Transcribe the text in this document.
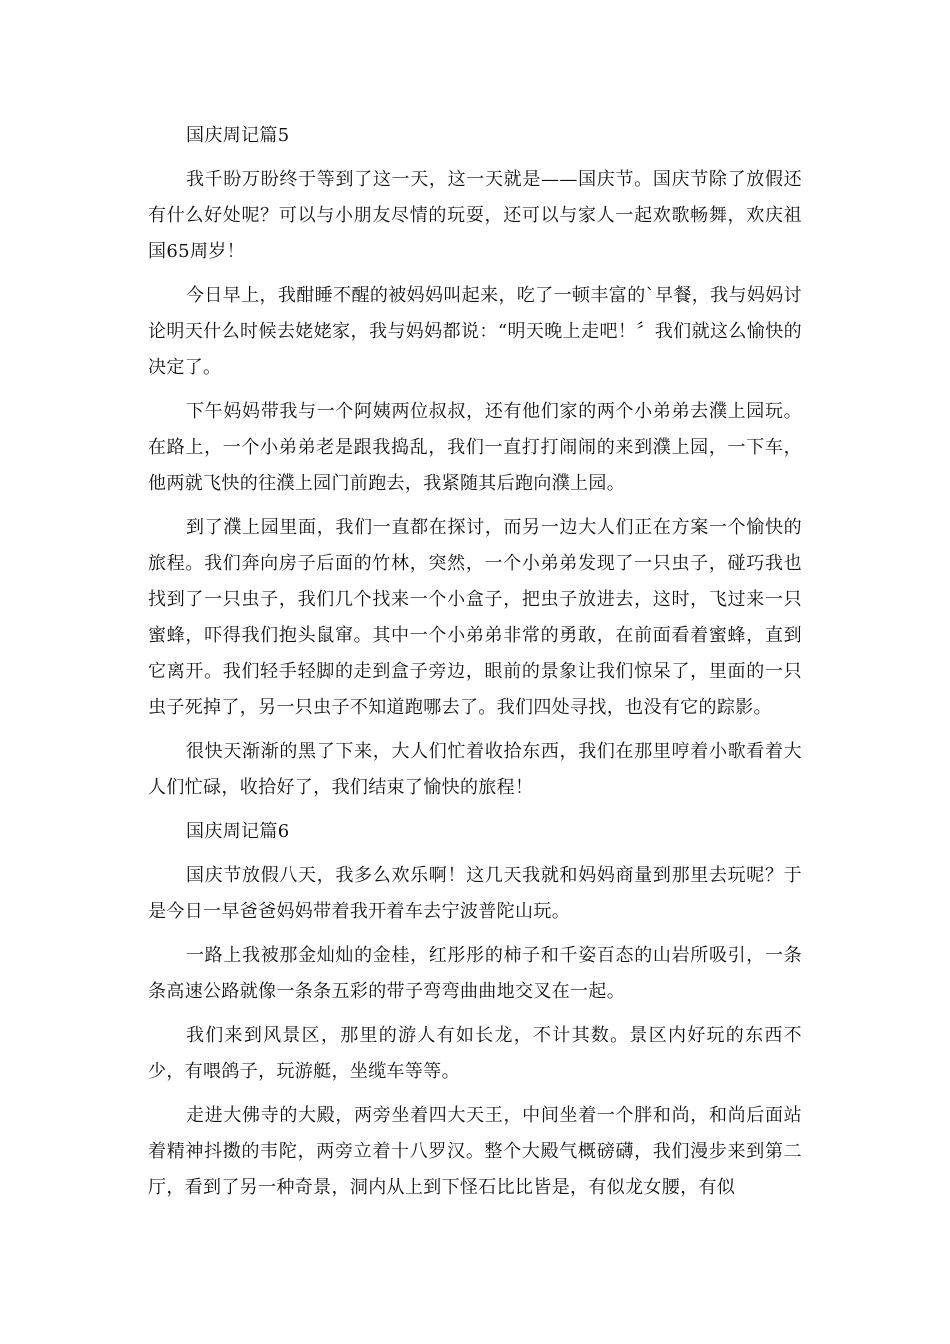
国庆周记篇5

我千盼万盼终于等到了这一天，这一天就是——国庆节。国庆节除了放假还有什么好处呢？可以与小朋友尽情的玩耍，还可以与家人一起欢歌畅舞，欢庆祖国65周岁！

今日早上，我酣睡不醒的被妈妈叫起来，吃了一顿丰富的`早餐，我与妈妈讨论明天什么时候去姥姥家，我与妈妈都说：“明天晚上走吧！〞我们就这么愉快的决定了。

下午妈妈带我与一个阿姨两位叔叔，还有他们家的两个小弟弟去濮上园玩。在路上，一个小弟弟老是跟我捣乱，我们一直打打闹闹的来到濮上园，一下车，他两就飞快的往濮上园门前跑去，我紧随其后跑向濮上园。

到了濮上园里面，我们一直都在探讨，而另一边大人们正在方案一个愉快的旅程。我们奔向房子后面的竹林，突然，一个小弟弟发现了一只虫子，碰巧我也找到了一只虫子，我们几个找来一个小盒子，把虫子放进去，这时，飞过来一只蜜蜂，吓得我们抱头鼠窜。其中一个小弟弟非常的勇敢，在前面看着蜜蜂，直到它离开。我们轻手轻脚的走到盒子旁边，眼前的景象让我们惊呆了，里面的一只虫子死掉了，另一只虫子不知道跑哪去了。我们四处寻找，也没有它的踪影。

很快天渐渐的黑了下来，大人们忙着收拾东西，我们在那里哼着小歌看着大人们忙碌，收拾好了，我们结束了愉快的旅程！

国庆周记篇6

国庆节放假八天，我多么欢乐啊！这几天我就和妈妈商量到那里去玩呢？于是今日一早爸爸妈妈带着我开着车去宁波普陀山玩。

一路上我被那金灿灿的金桂，红彤彤的柿子和千姿百态的山岩所吸引，一条条高速公路就像一条条五彩的带子弯弯曲曲地交叉在一起。

我们来到风景区，那里的游人有如长龙，不计其数。景区内好玩的东西不少，有喂鸽子，玩游艇，坐缆车等等。

走进大佛寺的大殿，两旁坐着四大天王，中间坐着一个胖和尚，和尚后面站着精神抖擞的韦陀，两旁立着十八罗汉。整个大殿气概磅礴，我们漫步来到第二厅，看到了另一种奇景，洞内从上到下怪石比比皆是，有似龙女腰，有似
